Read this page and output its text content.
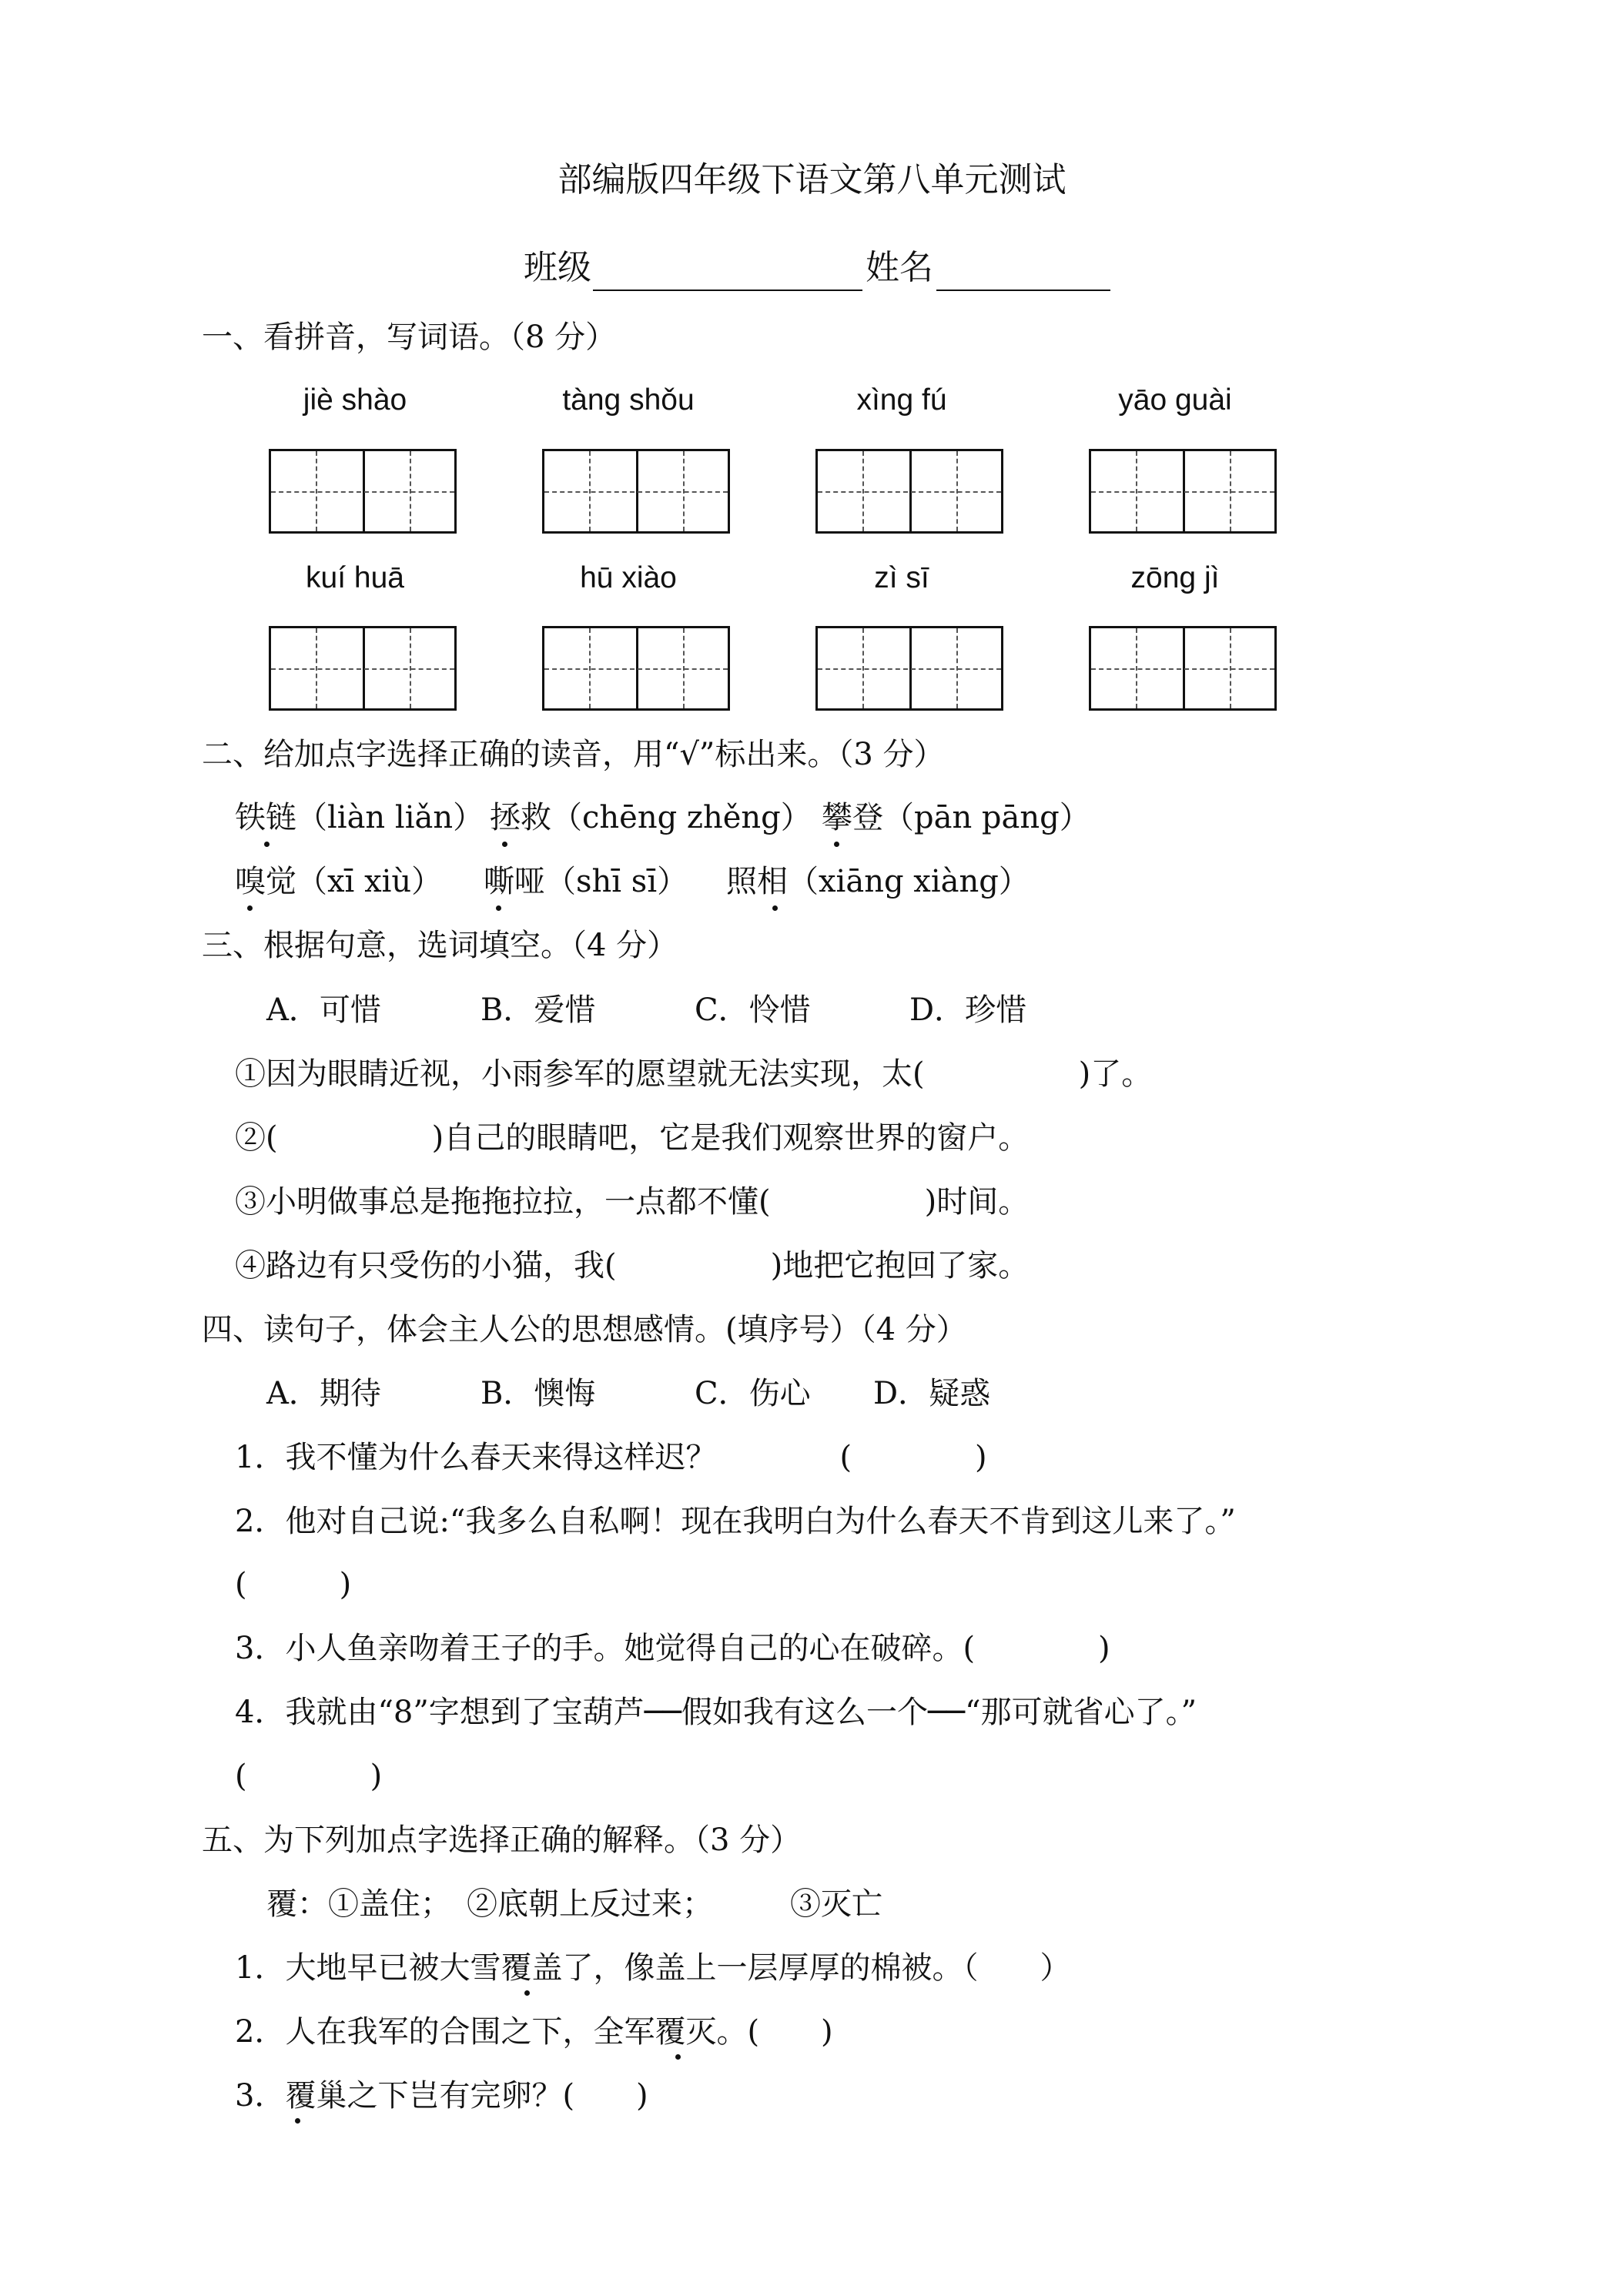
部编版四年级下语文第八单元测试
班级	姓名
一、看拼音，写词语。（8 分）
jiè shào	tàng shǒu	xìng fú	yāo guài
kuí huā	hū xiào	zì sī	zōng jì
二、给加点字选择正确的读音，用“√”标出来。（3 分）
铁链（liàn liǎn） 拯救（chēng zhěng） 攀登（pān pāng）
嗅觉（xī xiù） 嘶哑（shī sī） 照相（xiāng xiàng）
三、根据句意，选词填空。（4 分）
A．可惜	B．爱惜	C．怜惜	D．珍惜
①因为眼睛近视，小雨参军的愿望就无法实现，太(　　　　　)了。
②(　　　　　)自己的眼睛吧，它是我们观察世界的窗户。
③小明做事总是拖拖拉拉，一点都不懂(　　　　　)时间。
④路边有只受伤的小猫，我(　　　　　)地把它抱回了家。
四、读句子，体会主人公的思想感情。(填序号）（4 分）
A．期待	B．懊悔	C．伤心 D．疑惑
1．我不懂为什么春天来得这样迟？　　　　(　　　　)
2．他对自己说:“我多么自私啊！现在我明白为什么春天不肯到这儿来了。”
(　　　)
3．小人鱼亲吻着王子的手。她觉得自己的心在破碎。(　　　　)
4．我就由“8”字想到了宝葫芦──假如我有这么一个──“那可就省心了。”
(　　　　)
五、为下列加点字选择正确的解释。（3 分）
覆：①盖住；　②底朝上反过来；　　　③灭亡
1．大地早已被大雪覆盖了，像盖上一层厚厚的棉被。（　　）
2．人在我军的合围之下，全军覆灭。(　　)
3．覆巢之下岂有完卵？(　　)
